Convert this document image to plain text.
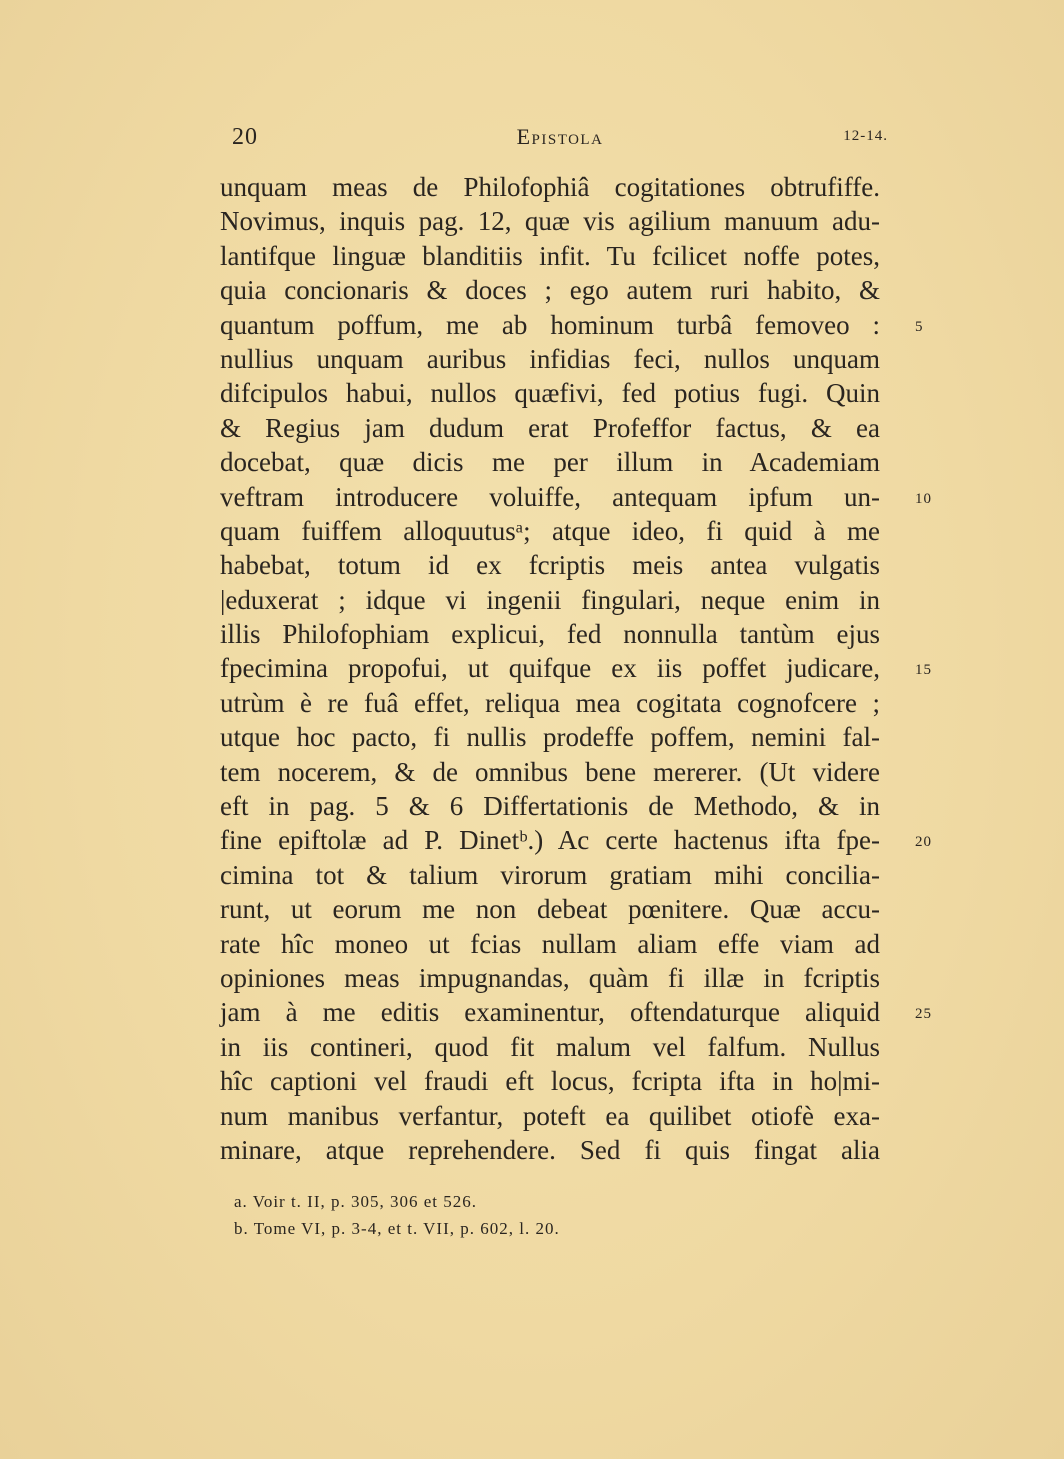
20	Epistola	12-14.
unquam meas de Philofophiâ cogitationes obtrufiffe.
Novimus, inquis pag. 12, quæ vis agilium manuum adu-
lantifque linguæ blanditiis infit. Tu fcilicet noffe potes,
quia concionaris & doces ; ego autem ruri habito, &
quantum poffum, me ab hominum turbâ femoveo : 5
nullius unquam auribus infidias feci, nullos unquam
difcipulos habui, nullos quæfivi, fed potius fugi. Quin
& Regius jam dudum erat Profeffor factus, & ea
docebat, quæ dicis me per illum in Academiam
veftram introducere voluiffe, antequam ipfum un- 10
quam fuiffem alloquutusᵃ; atque ideo, fi quid à me
habebat, totum id ex fcriptis meis antea vulgatis
|eduxerat ; idque vi ingenii fingulari, neque enim in
illis Philofophiam explicui, fed nonnulla tantùm ejus
fpecimina propofui, ut quifque ex iis poffet judicare, 15
utrùm è re fuâ effet, reliqua mea cogitata cognofcere ;
utque hoc pacto, fi nullis prodeffe poffem, nemini fal-
tem nocerem, & de omnibus bene mererer. (Ut videre
eft in pag. 5 & 6 Differtationis de Methodo, & in
fine epiftolæ ad P. Dinetᵇ.) Ac certe hactenus ifta fpe- 20
cimina tot & talium virorum gratiam mihi concilia-
runt, ut eorum me non debeat pœnitere. Quæ accu-
rate hîc moneo ut fcias nullam aliam effe viam ad
opiniones meas impugnandas, quàm fi illæ in fcriptis
jam à me editis examinentur, oftendaturque aliquid 25
in iis contineri, quod fit malum vel falfum. Nullus
hîc captioni vel fraudi eft locus, fcripta ifta in ho|mi-
num manibus verfantur, poteft ea quilibet otiofè exa-
minare, atque reprehendere. Sed fi quis fingat alia
a. Voir t. II, p. 305, 306 et 526.
b. Tome VI, p. 3-4, et t. VII, p. 602, l. 20.
